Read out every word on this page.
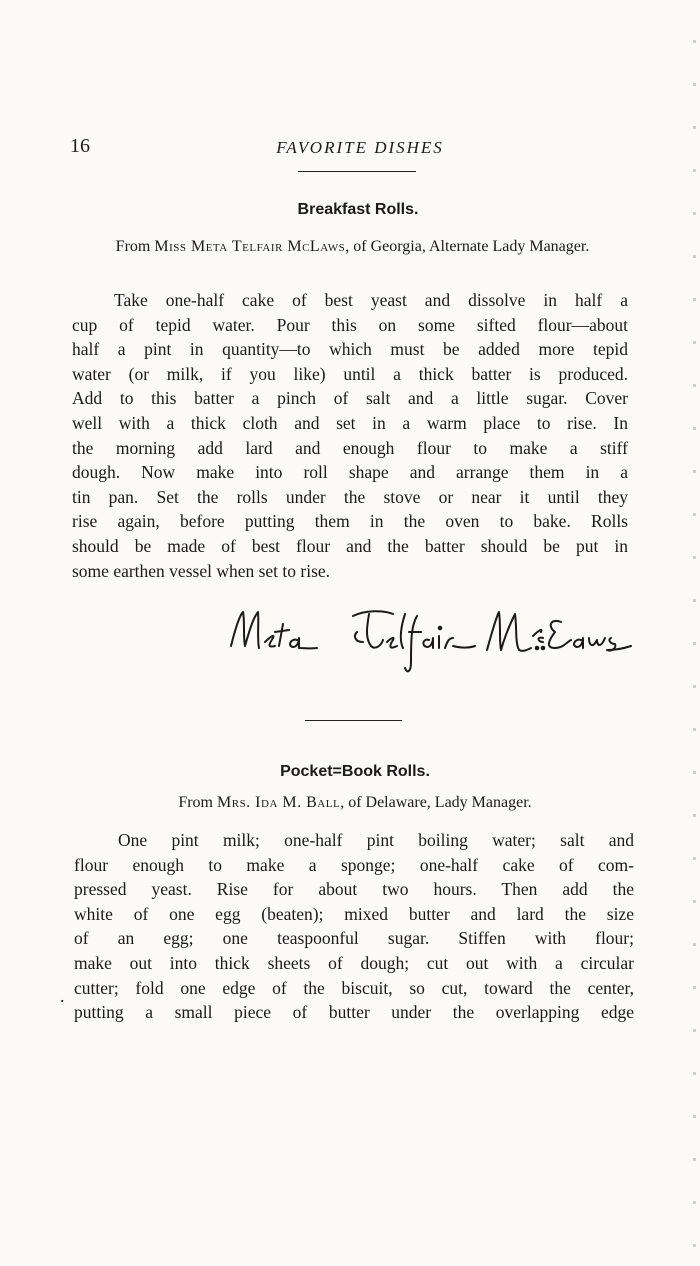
16	FAVORITE DISHES
Breakfast Rolls.
From Miss Meta Telfair McLaws, of Georgia, Alternate Lady Manager.

Take one-half cake of best yeast and dissolve in half a
cup of tepid water. Pour this on some sifted flour—about
half a pint in quantity—to which must be added more tepid
water (or milk, if you like) until a thick batter is produced.
Add to this batter a pinch of salt and a little sugar. Cover
well with a thick cloth and set in a warm place to rise. In
the morning add lard and enough flour to make a stiff
dough. Now make into roll shape and arrange them in a
tin pan. Set the rolls under the stove or near it until they
rise again, before putting them in the oven to bake. Rolls
should be made of best flour and the batter should be put in
some earthen vessel when set to rise.

Pocket=Book Rolls.
From Mrs. Ida M. Ball, of Delaware, Lady Manager.

One pint milk; one-half pint boiling water; salt and
flour enough to make a sponge; one-half cake of com-
pressed yeast. Rise for about two hours. Then add the
white of one egg (beaten); mixed butter and lard the size
of an egg; one teaspoonful sugar. Stiffen with flour;
make out into thick sheets of dough; cut out with a circular
cutter; fold one edge of the biscuit, so cut, toward the center,
putting a small piece of butter under the overlapping edge

.
